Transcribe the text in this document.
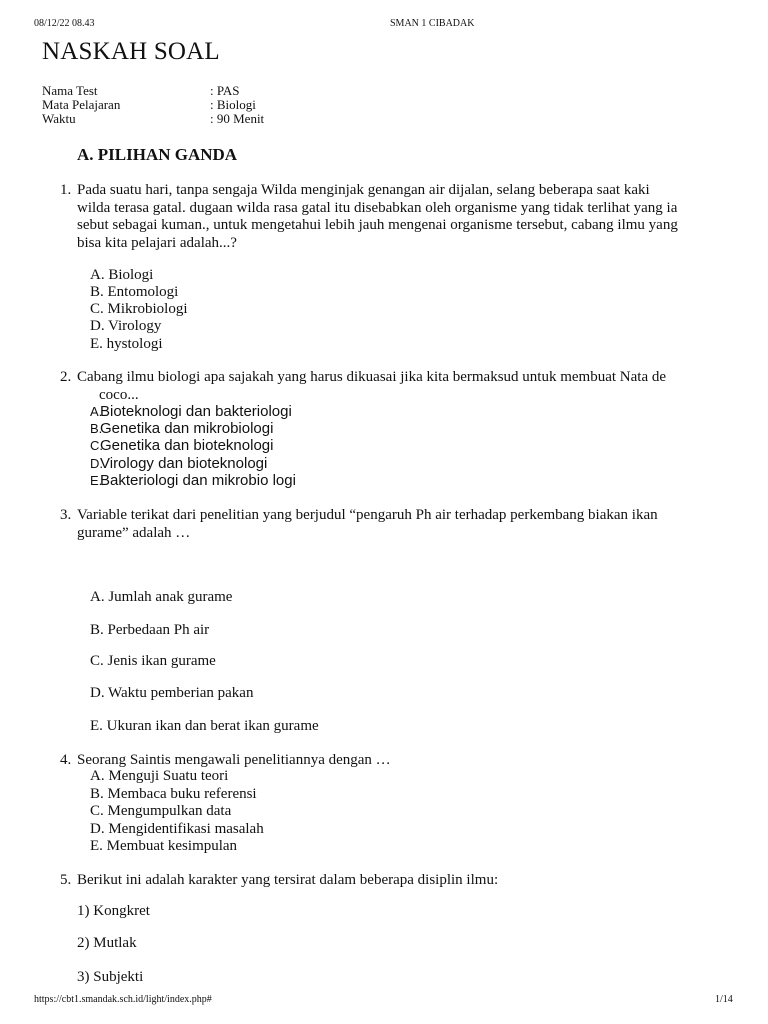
08/12/22 08.43	SMAN 1 CIBADAK
NASKAH SOAL
Nama Test	: PAS
Mata Pelajaran	: Biologi
Waktu	: 90 Menit
A. PILIHAN GANDA
1. Pada suatu hari, tanpa sengaja Wilda menginjak genangan air dijalan, selang beberapa saat kaki
wilda terasa gatal. dugaan wilda rasa gatal itu disebabkan oleh organisme yang tidak terlihat yang ia
sebut sebagai kuman., untuk mengetahui lebih jauh mengenai organisme tersebut, cabang ilmu yang
bisa kita pelajari adalah...?
A. Biologi
B. Entomologi
C. Mikrobiologi
D. Virology
E. hystologi
2. Cabang ilmu biologi apa sajakah yang harus dikuasai jika kita bermaksud untuk membuat Nata de
coco...
A.Bioteknologi dan bakteriologi
B.Genetika dan mikrobiologi
C.Genetika dan bioteknologi
D.Virology dan bioteknologi
E.Bakteriologi dan mikrobio logi
3. Variable terikat dari penelitian yang berjudul “pengaruh Ph air terhadap perkembang biakan ikan
gurame” adalah …
A. Jumlah anak gurame
B. Perbedaan Ph air
C. Jenis ikan gurame
D. Waktu pemberian pakan
E. Ukuran ikan dan berat ikan gurame
4. Seorang Saintis mengawali penelitiannya dengan …
A. Menguji Suatu teori
B. Membaca buku referensi
C. Mengumpulkan data
D. Mengidentifikasi masalah
E. Membuat kesimpulan
5. Berikut ini adalah karakter yang tersirat dalam beberapa disiplin ilmu:
1) Kongkret
2) Mutlak
3) Subjekti
https://cbt1.smandak.sch.id/light/index.php#	1/14
